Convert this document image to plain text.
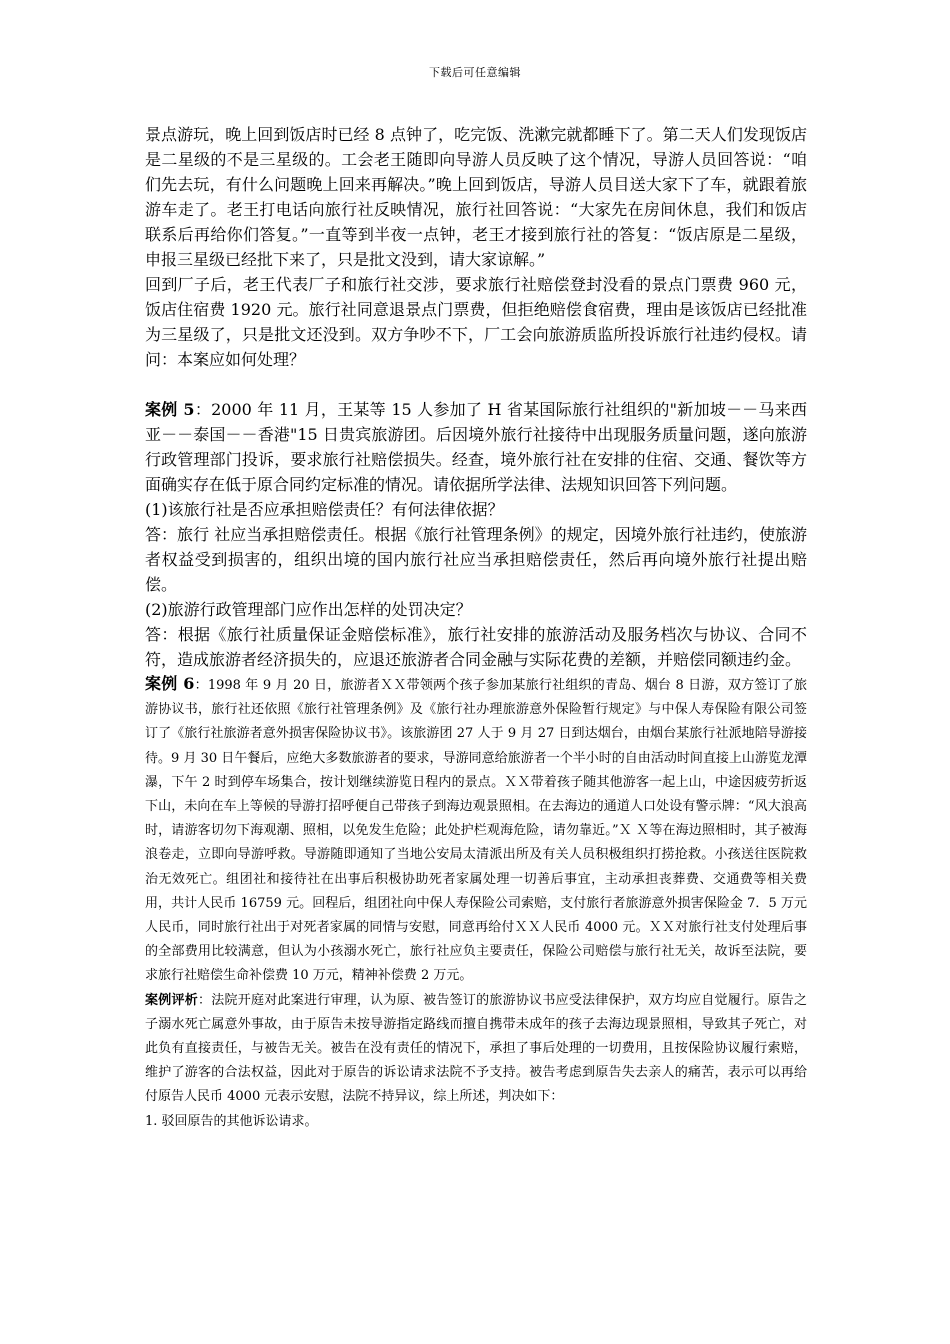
下载后可任意编辑

景点游玩，晚上回到饭店时已经 8 点钟了，吃完饭、洗漱完就都睡下了。第二天人们发现饭店是二星级的不是三星级的。工会老王随即向导游人员反映了这个情况，导游人员回答说：“咱们先去玩，有什么问题晚上回来再解决。”晚上回到饭店，导游人员目送大家下了车，就跟着旅游车走了。老王打电话向旅行社反映情况，旅行社回答说：“大家先在房间休息，我们和饭店联系后再给你们答复。”一直等到半夜一点钟，老王才接到旅行社的答复：“饭店原是二星级，申报三星级已经批下来了，只是批文没到，请大家谅解。”

回到厂子后，老王代表厂子和旅行社交涉，要求旅行社赔偿登封没看的景点门票费 960 元，饭店住宿费 1920 元。旅行社同意退景点门票费，但拒绝赔偿食宿费，理由是该饭店已经批准为三星级了，只是批文还没到。双方争吵不下，厂工会向旅游质监所投诉旅行社违约侵权。请问：本案应如何处理？

案例 5：2000 年 11 月，王某等 15 人参加了 H 省某国际旅行社组织的"新加坡－－马来西亚－－泰国－－香港"15 日贵宾旅游团。后因境外旅行社接待中出现服务质量问题，遂向旅游行政管理部门投诉，要求旅行社赔偿损失。经查，境外旅行社在安排的住宿、交通、餐饮等方面确实存在低于原合同约定标准的情况。请依据所学法律、法规知识回答下列问题。

(1)该旅行社是否应承担赔偿责任？有何法律依据？

答：旅行 社应当承担赔偿责任。根据《旅行社管理条例》的规定，因境外旅行社违约，使旅游者权益受到损害的，组织出境的国内旅行社应当承担赔偿责任，然后再向境外旅行社提出赔偿。

(2)旅游行政管理部门应作出怎样的处罚决定？

答：根据《旅行社质量保证金赔偿标准》，旅行社安排的旅游活动及服务档次与协议、合同不符，造成旅游者经济损失的，应退还旅游者合同金融与实际花费的差额，并赔偿同额违约金。

案例 6：1998 年 9 月 20 日，旅游者ＸＸ带领两个孩子参加某旅行社组织的青岛、烟台 8 日游，双方签订了旅游协议书，旅行社还依照《旅行社管理条例》及《旅行社办理旅游意外保险暂行规定》与中保人寿保险有限公司签订了《旅行社旅游者意外损害保险协议书》。该旅游团 27 人于 9 月 27 日到达烟台，由烟台某旅行社派地陪导游接待。9 月 30 日午餐后，应绝大多数旅游者的要求，导游同意给旅游者一个半小时的自由活动时间直接上山游览龙潭瀑，下午 2 时到停车场集合，按计划继续游览日程内的景点。ＸＸ带着孩子随其他游客一起上山，中途因疲劳折返下山，未向在车上等候的导游打招呼便自己带孩子到海边观景照相。在去海边的通道人口处设有警示牌：“风大浪高时，请游客切勿下海观潮、照相，以免发生危险；此处护栏观海危险，请勿靠近。”Ｘ Ｘ等在海边照相时，其子被海浪卷走，立即向导游呼救。导游随即通知了当地公安局太清派出所及有关人员积极组织打捞抢救。小孩送往医院救治无效死亡。组团社和接待社在出事后积极协助死者家属处理一切善后事宜，主动承担丧葬费、交通费等相关费用，共计人民币 16759 元。回程后，组团社向中保人寿保险公司索赔，支付旅行者旅游意外损害保险金 7．5 万元人民币，同时旅行社出于对死者家属的同情与安慰，同意再给付ＸＸ人民币 4000 元。ＸＸ对旅行社支付处理后事的全部费用比较满意，但认为小孩溺水死亡，旅行社应负主要责任，保险公司赔偿与旅行社无关，故诉至法院，要求旅行社赔偿生命补偿费 10 万元，精神补偿费 2 万元。

案例评析：法院开庭对此案进行审理，认为原、被告签订的旅游协议书应受法律保护，双方均应自觉履行。原告之子溺水死亡属意外事故，由于原告未按导游指定路线而擅自携带未成年的孩子去海边现景照相，导致其子死亡，对此负有直接责任，与被告无关。被告在没有责任的情况下，承担了事后处理的一切费用，且按保险协议履行索赔，维护了游客的合法权益，因此对于原告的诉讼请求法院不予支持。被告考虑到原告失去亲人的痛苦，表示可以再给付原告人民币 4000 元表示安慰，法院不持异议，综上所述，判决如下：

1. 驳回原告的其他诉讼请求。
